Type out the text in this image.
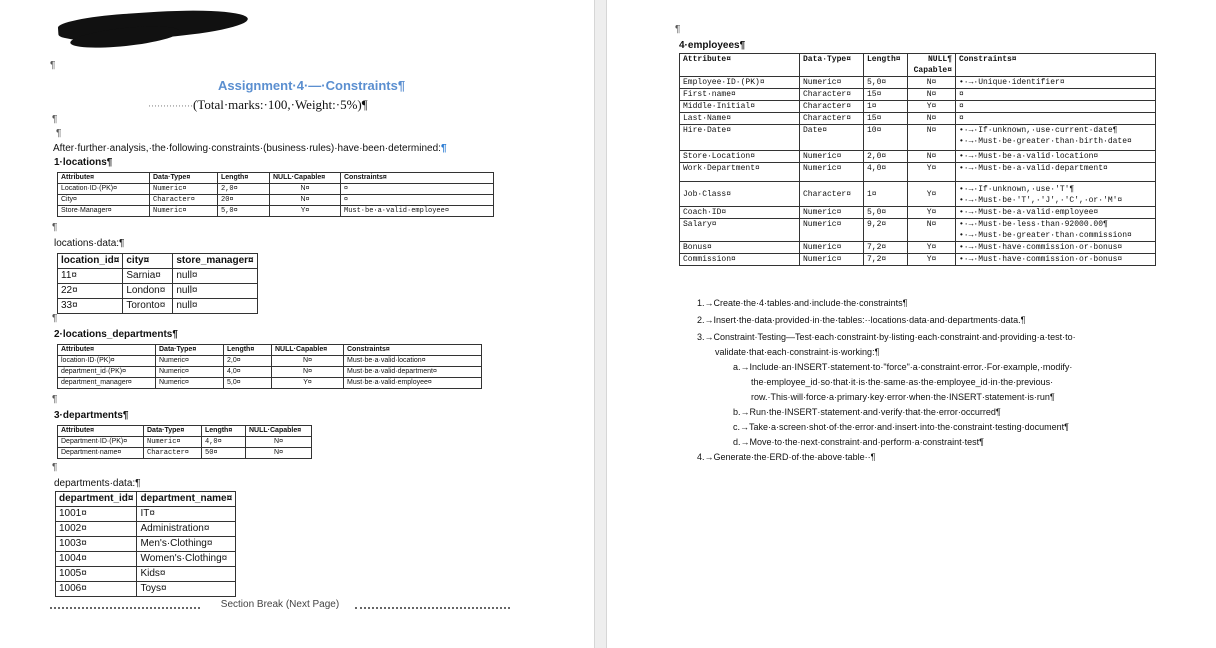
¶
Assignment·4·—·Constraints¶
···············(Total·marks:·100,·Weight:·5%)¶
¶
¶
After·further·analysis,·the·following·constraints·(business·rules)·have·been·determined:¶
1·locations¶
Attribute¤	Data·Type¤	Length¤	NULL·Capable¤	Constraints¤
Location·ID·(PK)¤	Numeric¤	2,0¤	N¤	¤
City¤	Character¤	20¤	N¤	¤
Store·Manager¤	Numeric¤	5,0¤	Y¤	Must·be·a·valid·employee¤
¶
locations·data:¶
location_id¤	city¤	store_manager¤
11¤	Sarnia¤	null¤
22¤	London¤	null¤
33¤	Toronto¤	null¤
¶
2·locations_departments¶
Attribute¤	Data·Type¤	Length¤	NULL·Capable¤	Constraints¤
location·ID·(PK)¤	Numeric¤	2,0¤	N¤	Must·be·a·valid·location¤
department_id·(PK)¤	Numeric¤	4,0¤	N¤	Must·be·a·valid·department¤
department_manager¤	Numeric¤	5,0¤	Y¤	Must·be·a·valid·employee¤
¶
3·departments¶
Attribute¤	Data·Type¤	Length¤	NULL·Capable¤
Department·ID·(PK)¤	Numeric¤	4,0¤	N¤
Department·name¤	Character¤	50¤	N¤
¶
departments·data:¶
department_id¤	department_name¤
1001¤	IT¤
1002¤	Administration¤
1003¤	Men's·Clothing¤
1004¤	Women's·Clothing¤
1005¤	Kids¤
1006¤	Toys¤
Section Break (Next Page)
¶
4·employees¶
Attribute¤	Data·Type¤	Length¤	NULL¶ Capable¤	Constraints¤
Employee·ID·(PK)¤	Numeric¤	5,0¤	N¤	•·→·Unique·identifier¤
First·name¤	Character¤	15¤	N¤	¤
Middle·Initial¤	Character¤	1¤	Y¤	¤
Last·Name¤	Character¤	15¤	N¤	¤
Hire·Date¤	Date¤	10¤	N¤	•·→·If·unknown,·use·current·date¶
•·→·Must·be·greater·than·birth·date¤
Store·Location¤	Numeric¤	2,0¤	N¤	•·→·Must·be·a·valid·location¤
Work·Department¤	Numeric¤	4,0¤	Y¤	•·→·Must·be·a·valid·department¤
Job·Class¤	Character¤	1¤	Y¤	•·→·If·unknown,·use·'T'¶
•·→·Must·be·'T',·'J',·'C',·or·'M'¤
Coach·ID¤	Numeric¤	5,0¤	Y¤	•·→·Must·be·a·valid·employee¤
Salary¤	Numeric¤	9,2¤	N¤	•·→·Must·be·less·than·92000.00¶
•·→·Must·be·greater·than·commission¤
Bonus¤	Numeric¤	7,2¤	Y¤	•·→·Must·have·commission·or·bonus¤
Commission¤	Numeric¤	7,2¤	Y¤	•·→·Must·have·commission·or·bonus¤
1.→Create·the·4·tables·and·include·the·constraints¶
2.→Insert·the·data·provided·in·the·tables:··locations·data·and·departments·data.¶
3.→Constraint·Testing—Test·each·constraint·by·listing·each·constraint·and·providing·a·test·to·
validate·that·each·constraint·is·working:¶
a.→Include·an·INSERT·statement·to·"force"·a·constraint·error.·For·example,·modify·
the·employee_id·so·that·it·is·the·same·as·the·employee_id·in·the·previous·
row.·This·will·force·a·primary·key·error·when·the·INSERT·statement·is·run¶
b.→Run·the·INSERT·statement·and·verify·that·the·error·occurred¶
c.→Take·a·screen·shot·of·the·error·and·insert·into·the·constraint·testing·document¶
d.→Move·to·the·next·constraint·and·perform·a·constraint·test¶
4.→Generate·the·ERD·of·the·above·table··¶
